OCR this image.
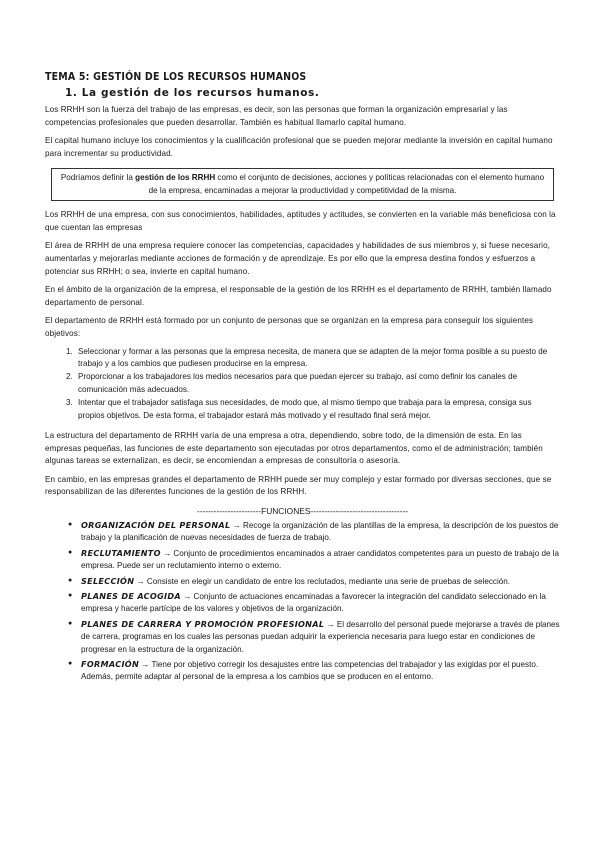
TEMA 5: GESTIÓN DE LOS RECURSOS HUMANOS
1. La gestión de los recursos humanos.

Los RRHH son la fuerza del trabajo de las empresas, es decir, son las personas que forman la organización empresarial y las competencias profesionales que pueden desarrollar. También es habitual llamarlo capital humano.

El capital humano incluye los conocimientos y la cualificación profesional que se pueden mejorar mediante la inversión en capital humano para incrementar su productividad.

Podríamos definir la gestión de los RRHH como el conjunto de decisiones, acciones y políticas relacionadas con el elemento humano de la empresa, encaminadas a mejorar la productividad y competitividad de la misma.

Los RRHH de una empresa, con sus conocimientos, habilidades, aptitudes y actitudes, se convierten en la variable más beneficiosa con la que cuentan las empresas

El área de RRHH de una empresa requiere conocer las competencias, capacidades y habilidades de sus miembros y, si fuese necesario, aumentarlas y mejorarlas mediante acciones de formación y de aprendizaje. Es por ello que la empresa destina fondos y esfuerzos a potenciar sus RRHH; o sea, invierte en capital humano.

En el ámbito de la organización de la empresa, el responsable de la gestión de los RRHH es el departamento de RRHH, también llamado departamento de personal.

El departamento de RRHH está formado por un conjunto de personas que se organizan en la empresa para conseguir los siguientes objetivos:

1. Seleccionar y formar a las personas que la empresa necesita, de manera que se adapten de la mejor forma posible a su puesto de trabajo y a los cambios que pudiesen producirse en la empresa.
2. Proporcionar a los trabajadores los medios necesarios para que puedan ejercer su trabajo, así como definir los canales de comunicación más adecuados.
3. Intentar que el trabajador satisfaga sus necesidades, de modo que, al mismo tiempo que trabaja para la empresa, consiga sus propios objetivos. De esta forma, el trabajador estará más motivado y el resultado final será mejor.

La estructura del departamento de RRHH varía de una empresa a otra, dependiendo, sobre todo, de la dimensión de esta. En las empresas pequeñas, las funciones de este departamento son ejecutadas por otros departamentos, como el de administración; también algunas tareas se externalizan, es decir, se encomiendan a empresas de consultoría o asesoría.

En cambio, en las empresas grandes el departamento de RRHH puede ser muy complejo y estar formado por diversas secciones, que se responsabilizan de las diferentes funciones de la gestión de los RRHH.

-----------------------FUNCIONES-----------------------------------
● ORGANIZACIÓN DEL PERSONAL → Recoge la organización de las plantillas de la empresa, la descripción de los puestos de trabajo y la planificación de nuevas necesidades de fuerza de trabajo.
● RECLUTAMIENTO → Conjunto de procedimientos encaminados a atraer candidatos competentes para un puesto de trabajo de la empresa. Puede ser un reclutamiento interno o externo.
● SELECCIÓN → Consiste en elegir un candidato de entre los reclutados, mediante una serie de pruebas de selección.
● PLANES DE ACOGIDA → Conjunto de actuaciones encaminadas a favorecer la integración del candidato seleccionado en la empresa y hacerle partícipe de los valores y objetivos de la organización.
● PLANES DE CARRERA Y PROMOCIÓN PROFESIONAL → El desarrollo del personal puede mejorarse a través de planes de carrera, programas en los cuales las personas puedan adquirir la experiencia necesaria para luego estar en condiciones de progresar en la estructura de la organización.
● FORMACIÓN → Tiene por objetivo corregir los desajustes entre las competencias del trabajador y las exigidas por el puesto. Además, permite adaptar al personal de la empresa a los cambios que se producen en el entorno.
